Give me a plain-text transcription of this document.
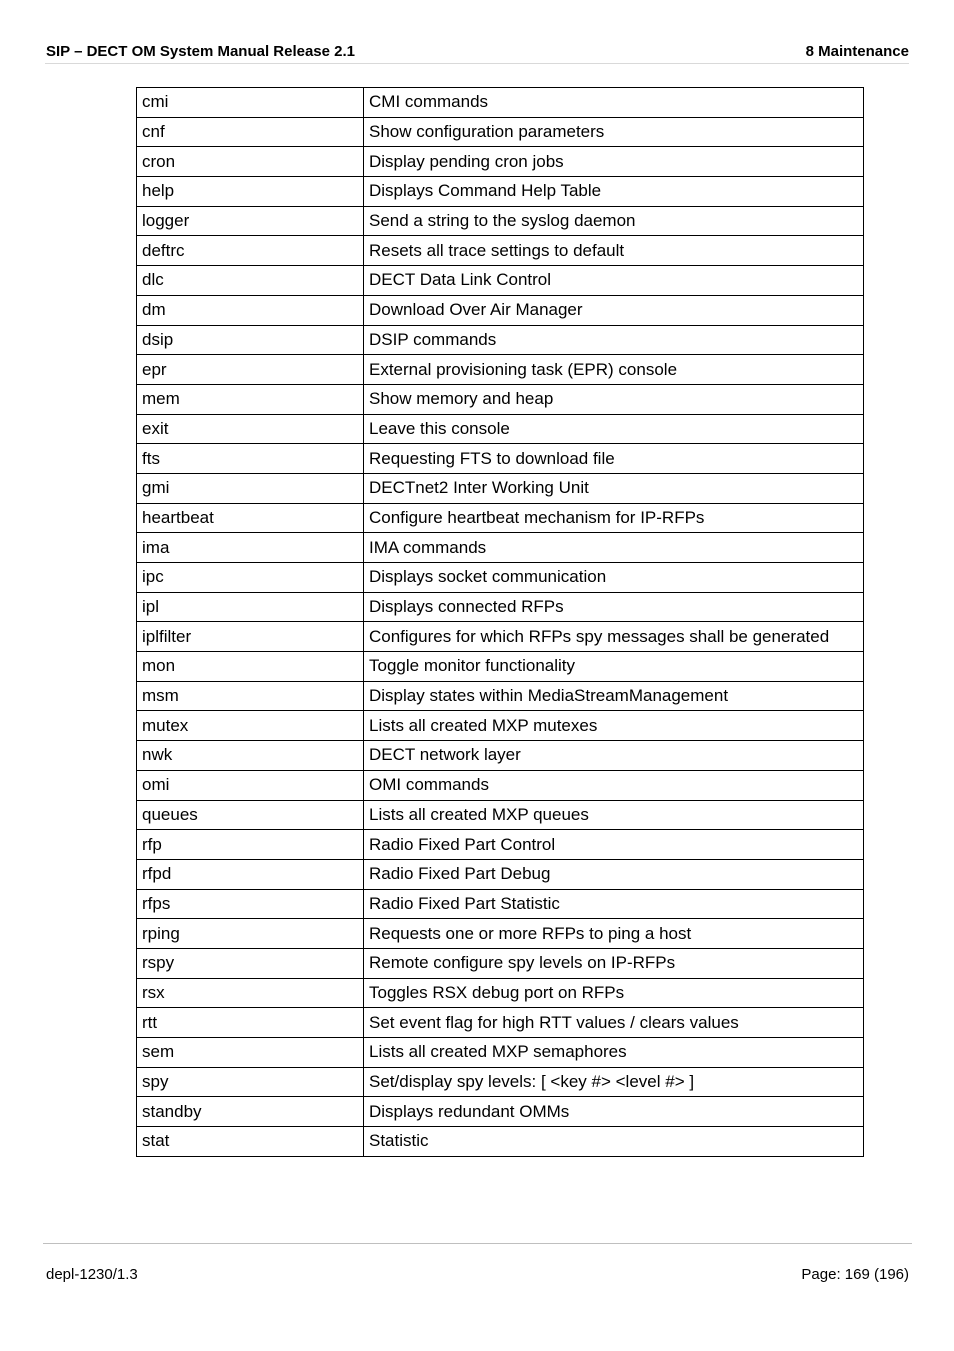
SIP – DECT OM System Manual Release 2.1	8 Maintenance
cmi	CMI commands
cnf	Show configuration parameters
cron	Display pending cron jobs
help	Displays Command Help Table
logger	Send a string to the syslog daemon
deftrc	Resets all trace settings to default
dlc	DECT Data Link Control
dm	Download Over Air Manager
dsip	DSIP commands
epr	External provisioning task (EPR) console
mem	Show memory and heap
exit	Leave this console
fts	Requesting FTS to download file
gmi	DECTnet2 Inter Working Unit
heartbeat	Configure heartbeat mechanism for IP-RFPs
ima	IMA commands
ipc	Displays socket communication
ipl	Displays connected RFPs
iplfilter	Configures for which RFPs spy messages shall be generated
mon	Toggle monitor functionality
msm	Display states within MediaStreamManagement
mutex	Lists all created MXP mutexes
nwk	DECT network layer
omi	OMI commands
queues	Lists all created MXP queues
rfp	Radio Fixed Part Control
rfpd	Radio Fixed Part Debug
rfps	Radio Fixed Part Statistic
rping	Requests one or more RFPs to ping a host
rspy	Remote configure spy levels on IP-RFPs
rsx	Toggles RSX debug port on RFPs
rtt	Set event flag for high RTT values / clears values
sem	Lists all created MXP semaphores
spy	Set/display spy levels: [ <key #> <level #> ]
standby	Displays redundant OMMs
stat	Statistic
depl-1230/1.3	Page: 169 (196)
